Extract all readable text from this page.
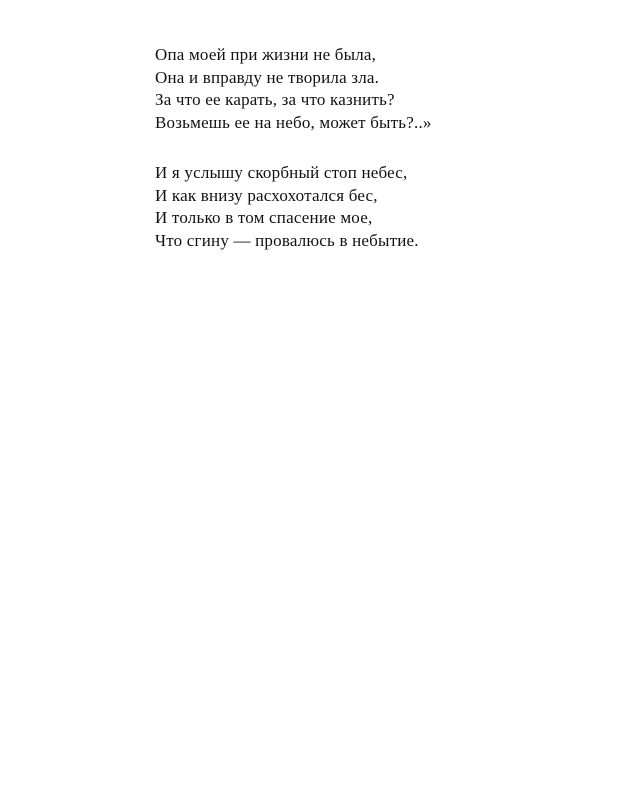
Опа моей при жизни не была,
Она и вправду не творила зла.
За что ее карать, за что казнить?
Возьмешь ее на небо, может быть?..»
И я услышу скорбный стоп небес,
И как внизу расхохотался бес,
И только в том спасение мое,
Что сгину — провалюсь в небытие.
